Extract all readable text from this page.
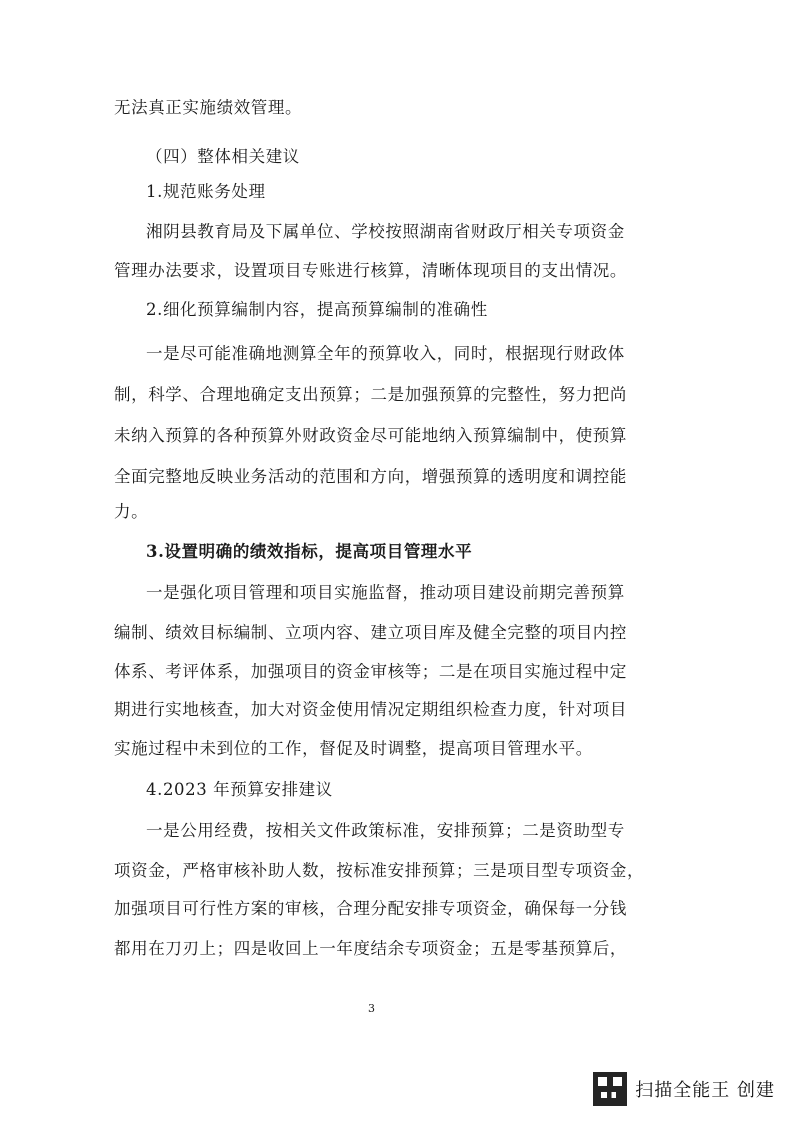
无法真正实施绩效管理。
（四）整体相关建议
1.规范账务处理
湘阴县教育局及下属单位、学校按照湖南省财政厅相关专项资金
管理办法要求，设置项目专账进行核算，清晰体现项目的支出情况。
2.细化预算编制内容，提高预算编制的准确性
一是尽可能准确地测算全年的预算收入，同时，根据现行财政体
制，科学、合理地确定支出预算；二是加强预算的完整性，努力把尚
未纳入预算的各种预算外财政资金尽可能地纳入预算编制中，使预算
全面完整地反映业务活动的范围和方向，增强预算的透明度和调控能
力。
3.设置明确的绩效指标，提高项目管理水平
一是强化项目管理和项目实施监督，推动项目建设前期完善预算
编制、绩效目标编制、立项内容、建立项目库及健全完整的项目内控
体系、考评体系，加强项目的资金审核等；二是在项目实施过程中定
期进行实地核查，加大对资金使用情况定期组织检查力度，针对项目
实施过程中未到位的工作，督促及时调整，提高项目管理水平。
4.2023 年预算安排建议
一是公用经费，按相关文件政策标准，安排预算；二是资助型专
项资金，严格审核补助人数，按标准安排预算；三是项目型专项资金，
加强项目可行性方案的审核，合理分配安排专项资金，确保每一分钱
都用在刀刃上；四是收回上一年度结余专项资金；五是零基预算后，
3
扫描全能王 创建
